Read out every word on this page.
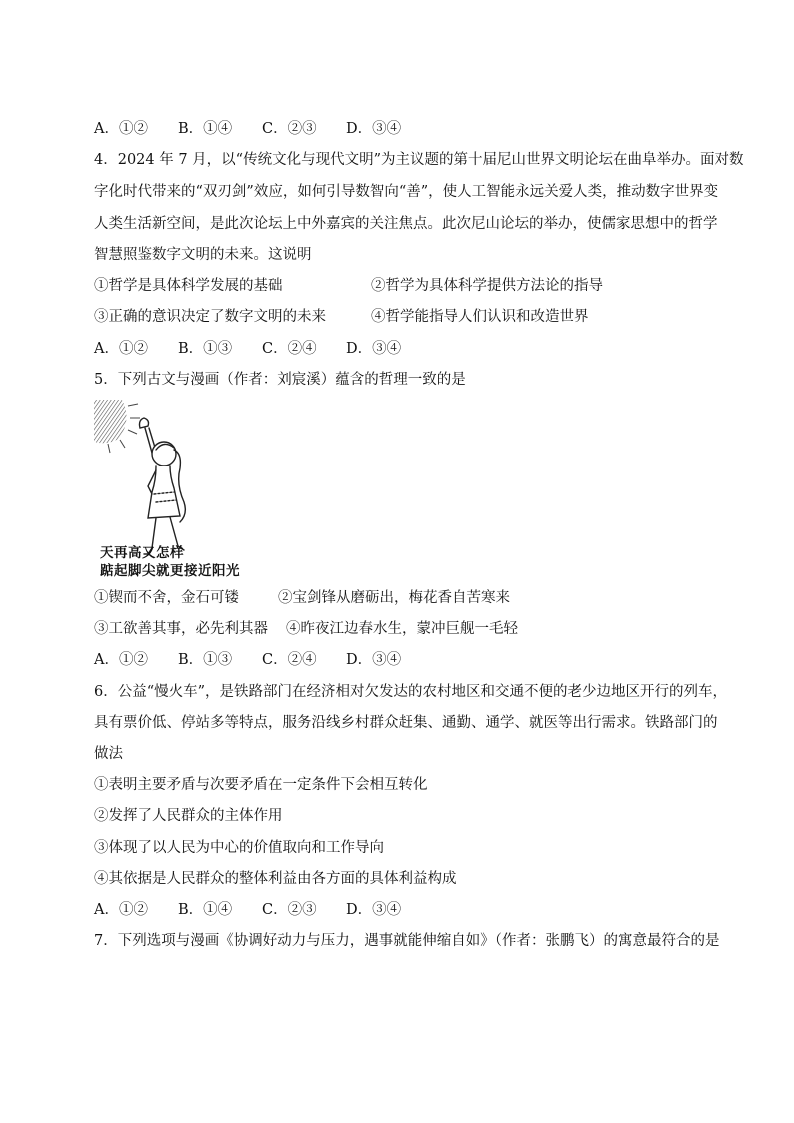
A．①② B．①④ C．②③ D．③④
4．2024 年 7 月，以“传统文化与现代文明”为主议题的第十届尼山世界文明论坛在曲阜举办。面对数
字化时代带来的“双刃剑”效应，如何引导数智向“善”，使人工智能永远关爱人类，推动数字世界变
人类生活新空间，是此次论坛上中外嘉宾的关注焦点。此次尼山论坛的举办，使儒家思想中的哲学
智慧照鉴数字文明的未来。这说明
①哲学是具体科学发展的基础	②哲学为具体科学提供方法论的指导
③正确的意识决定了数字文明的未来	④哲学能指导人们认识和改造世界
A．①② B．①③ C．②④ D．③④
5．下列古文与漫画（作者：刘宸溪）蕴含的哲理一致的是
天再高又怎样
踮起脚尖就更接近阳光
①锲而不舍，金石可镂	②宝剑锋从磨砺出，梅花香自苦寒来
③工欲善其事，必先利其器 ④昨夜江边春水生，蒙冲巨舰一毛轻
A．①② B．①③ C．②④ D．③④
6．公益“慢火车”，是铁路部门在经济相对欠发达的农村地区和交通不便的老少边地区开行的列车，
具有票价低、停站多等特点，服务沿线乡村群众赶集、通勤、通学、就医等出行需求。铁路部门的
做法
①表明主要矛盾与次要矛盾在一定条件下会相互转化
②发挥了人民群众的主体作用
③体现了以人民为中心的价值取向和工作导向
④其依据是人民群众的整体利益由各方面的具体利益构成
A．①② B．①④ C．②③ D．③④
7．下列选项与漫画《协调好动力与压力，遇事就能伸缩自如》（作者：张鹏飞）的寓意最符合的是
